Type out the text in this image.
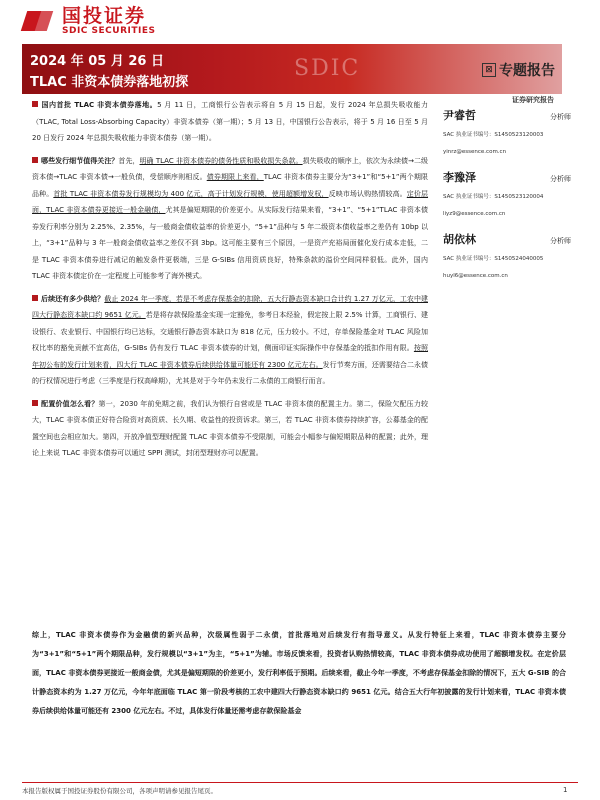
国投证券
SDIC SECURITIES
2024 年 05 月 26 日
TLAC 非资本债券落地初探
SDIC	⊠ 专题报告
证券研究报告

国内首批 TLAC 非资本债券落地。5 月 11 日，工商银行公告表示将自 5 月 15 日起，发行 2024 年总损失吸收能力（TLAC, Total Loss-Absorbing Capacity）非资本债券（第一期）；5 月 13 日，中国银行公告表示，将于 5 月 16 日至 5 月 20 日发行 2024 年总损失吸收能力非资本债券（第一期）。

哪些发行细节值得关注？首先，明确 TLAC 非资本债券的债务性质和吸收损失条款。损失吸收的顺序上，依次为永续债→二级资本债→TLAC 非资本债→一般负债，受偿顺序则相反。债券期限上来看，TLAC 非资本债券主要分为“3+1”和“5+1”两个期限品种。首批 TLAC 非资本债券发行规模均为 400 亿元，高于计划发行规模，使用超额增发权，反映市场认购热情较高。定价层面，TLAC 非资本债券更接近一般金融债，尤其是偏短期限的价差更小。从实际发行结果来看，“3+1”、“5+1”TLAC 非资本债券发行利率分别为 2.25%、2.35%，与一般商金债收益率的价差更小，“5+1”品种与 5 年二级资本债收益率之差仍有 10bp 以上，“3+1”品种与 3 年一般商金债收益率之差仅不到 3bp。这可能主要有三个原因，一是资产充裕局面催化发行成本走低，二是 TLAC 非资本债券进行减记的触发条件更极端，三是 G-SIBs 信用资质良好，特殊条款的溢价空间同样很低。此外，国内 TLAC 非资本债定价在一定程度上可能参考了海外模式。

后续还有多少供给？截止 2024 年一季度，若是不考虑存保基金的扣除，五大行静态资本缺口合计约 1.27 万亿元，工农中建四大行静态资本缺口约 9651 亿元。若是将存款保险基金实现一定豁免，参考日本经验，假定按上限 2.5% 计算，工商银行、建设银行、农业银行、中国银行均已达标，交通银行静态资本缺口为 818 亿元，压力较小。不过，存单保险基金对 TLAC 风险加权比率的豁免贡献不宜高估，G-SIBs 仍有发行 TLAC 非资本债券的计划，侧面印证实际操作中存保基金的抵扣作用有限。按照年初公布的发行计划来看，四大行 TLAC 非资本债券后续供给体量可能还有 2300 亿元左右。发行节奏方面，还需要结合二永债的行权情况进行考虑（三季度是行权高峰期），尤其是对于今年仍未发行二永债的工商银行而言。

配置价值怎么看？第一，2030 年前免期之前，我们认为银行自营或是 TLAC 非资本债的配置主力。第二，保险欠配压力较大，TLAC 非资本债正好符合险资对高资质、长久期、收益性的投资诉求。第三，若 TLAC 非资本债券持续扩容，公募基金的配置空间也会相应加大。第四，开放净值型理财配置 TLAC 非资本债券不受限制，可能会小幅参与偏短期限品种的配置；此外，理论上来说 TLAC 非资本债券可以通过 SPPI 测试，封闭型理财亦可以配置。

尹睿哲	分析师
SAC 执业证书编号：S1450523120003
yinrz@essence.com.cn
李豫泽	分析师
SAC 执业证书编号：S1450523120004
liyz9@essence.com.cn
胡依林	分析师
SAC 执业证书编号：S1450524040005
huyl6@essence.com.cn
综上，TLAC 非资本债券作为金融债的新兴品种，次级属性弱于二永债，首批落地对后续发行有指导意义。从发行特征上来看，TLAC 非资本债券主要分为“3+1”和“5+1”两个期限品种，发行规模以“3+1”为主，“5+1”为辅。市场反馈来看，投资者认购热情较高，TLAC 非资本债券成功使用了超额增发权。在定价层面，TLAC 非资本债券更接近一般商金债，尤其是偏短期限的价差更小，发行利率低于预期。后续来看，截止今年一季度，不考虑存保基金扣除的情况下，五大 G-SIB 的合计静态资本约为 1.27 万亿元，今年年底面临 TLAC 第一阶段考核的工农中建四大行静态资本缺口约 9651 亿元。结合五大行年初披露的发行计划来看，TLAC 非资本债券后续供给体量可能还有 2300 亿元左右。不过，具体发行体量还需考虑存款保险基金
本报告版权属于国投证券股份有限公司，各项声明请参见报告尾页。	1
